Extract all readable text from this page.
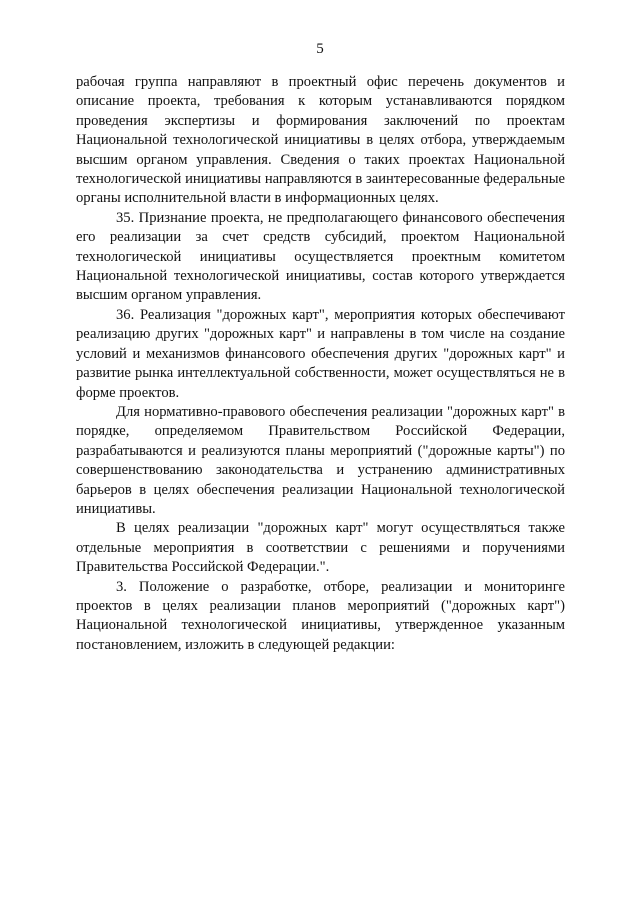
5

рабочая группа направляют в проектный офис перечень документов и описание проекта, требования к которым устанавливаются порядком проведения экспертизы и формирования заключений по проектам Национальной технологической инициативы в целях отбора, утверждаемым высшим органом управления. Сведения о таких проектах Национальной технологической инициативы направляются в заинтересованные федеральные органы исполнительной власти в информационных целях.

35. Признание проекта, не предполагающего финансового обеспечения его реализации за счет средств субсидий, проектом Национальной технологической инициативы осуществляется проектным комитетом Национальной технологической инициативы, состав которого утверждается высшим органом управления.

36. Реализация "дорожных карт", мероприятия которых обеспечивают реализацию других "дорожных карт" и направлены в том числе на создание условий и механизмов финансового обеспечения других "дорожных карт" и развитие рынка интеллектуальной собственности, может осуществляться не в форме проектов.

Для нормативно-правового обеспечения реализации "дорожных карт" в порядке, определяемом Правительством Российской Федерации, разрабатываются и реализуются планы мероприятий ("дорожные карты") по совершенствованию законодательства и устранению административных барьеров в целях обеспечения реализации Национальной технологической инициативы.

В целях реализации "дорожных карт" могут осуществляться также отдельные мероприятия в соответствии с решениями и поручениями Правительства Российской Федерации.".

3. Положение о разработке, отборе, реализации и мониторинге проектов в целях реализации планов мероприятий ("дорожных карт") Национальной технологической инициативы, утвержденное указанным постановлением, изложить в следующей редакции:
